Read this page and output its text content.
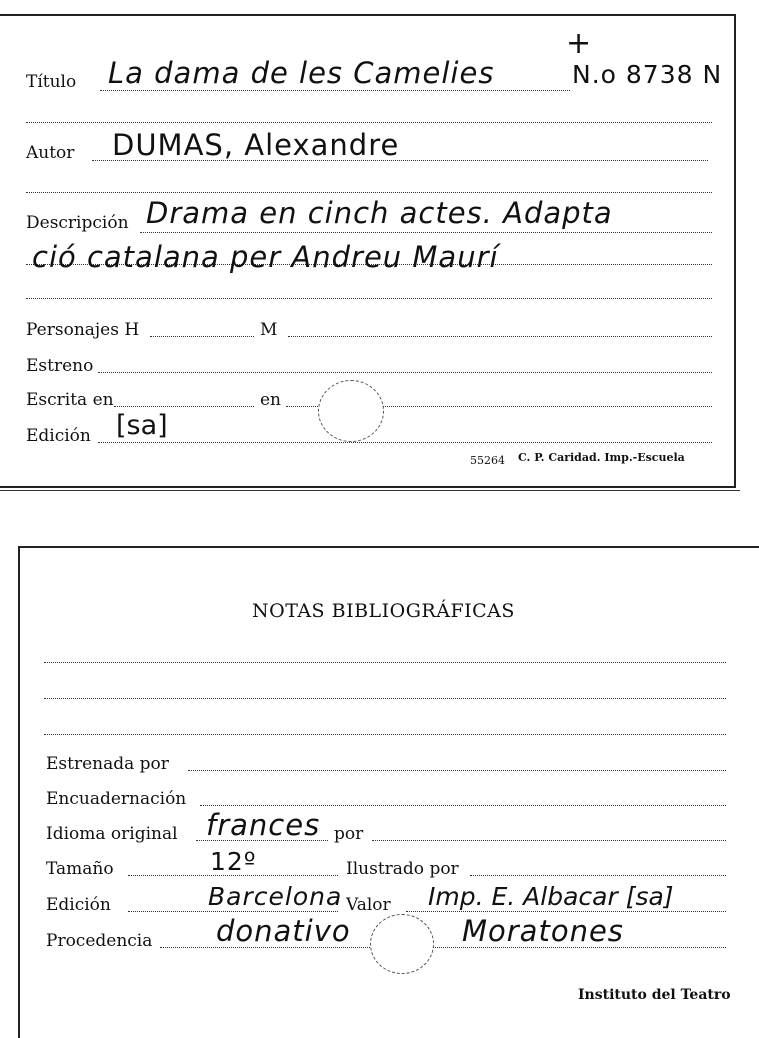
+
Título La dama de les Camelies	N.o 8738 N
Autor DUMAS, Alexandre
Descripción Drama en cinch actes. Adapta
ció catalana per Andreu Maurí
Personajes H	M
Estreno
Escrita en	en
Edición [sa]
55264 C. P. Caridad. Imp.-Escuela
NOTAS BIBLIOGRÁFICAS
Estrenada por
Encuadernación
Idioma original frances por
Tamaño	12º	Ilustrado por
Edición	Barcelona Valor Imp. E. Albacar [sa]
Procedencia donativo	Moratones
Instituto del Teatro
